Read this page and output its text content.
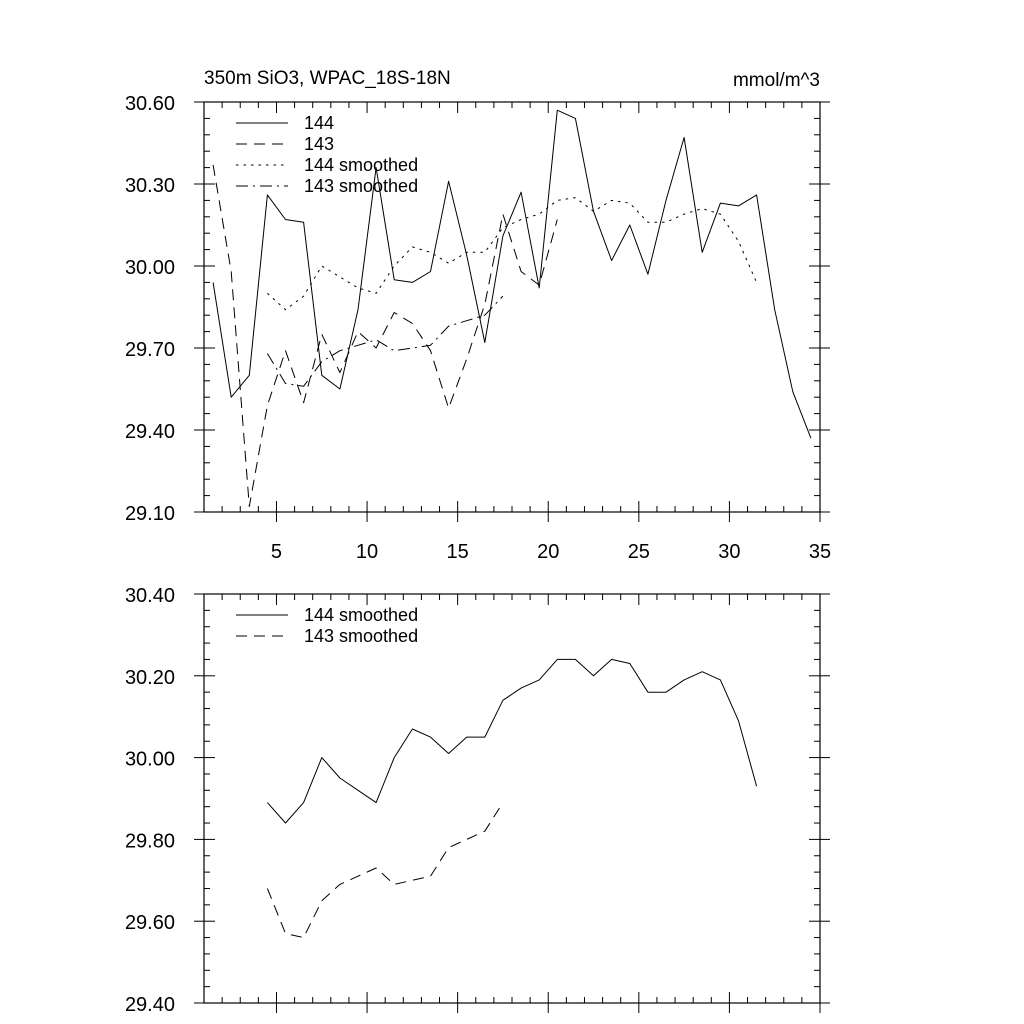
350m SiO3, WPAC_18S-18N	mmol/m^3
5	10	15	20	25	30	35
29.10
29.40
29.70
30.00
30.30
30.60
144
143
144 smoothed
143 smoothed
29.40
29.60
29.80
30.00
30.20
30.40
144 smoothed
143 smoothed
